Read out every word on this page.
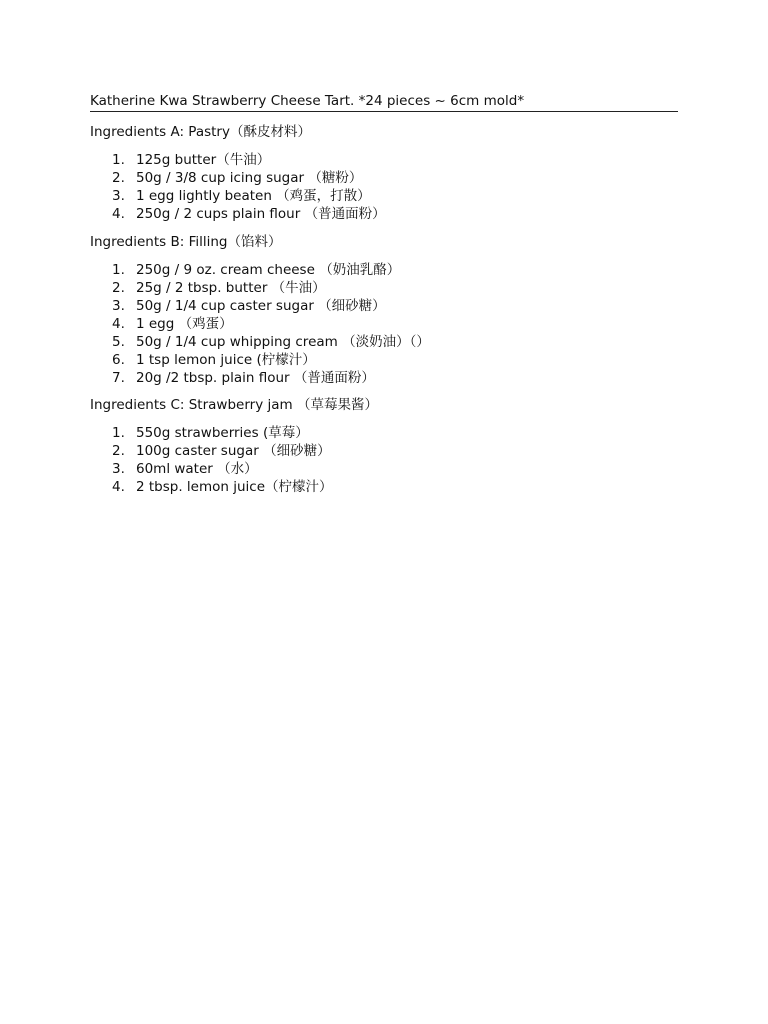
Katherine Kwa Strawberry Cheese Tart. *24 pieces ~ 6cm mold*
Ingredients A: Pastry（酥皮材料）
1. 125g butter（牛油）
2. 50g / 3/8 cup icing sugar （糖粉）
3. 1 egg lightly beaten （鸡蛋，打散）
4. 250g / 2 cups plain flour （普通面粉）
Ingredients B: Filling（馅料）
1. 250g / 9 oz. cream cheese （奶油乳酪）
2. 25g / 2 tbsp. butter （牛油）
3. 50g / 1/4 cup caster sugar （细砂糖）
4. 1 egg （鸡蛋）
5. 50g / 1/4 cup whipping cream （淡奶油）（）
6. 1 tsp lemon juice (柠檬汁）
7. 20g /2 tbsp. plain flour （普通面粉）
Ingredients C: Strawberry jam （草莓果酱）
1. 550g strawberries (草莓）
2. 100g caster sugar （细砂糖）
3. 60ml water （水）
4. 2 tbsp. lemon juice（柠檬汁）
